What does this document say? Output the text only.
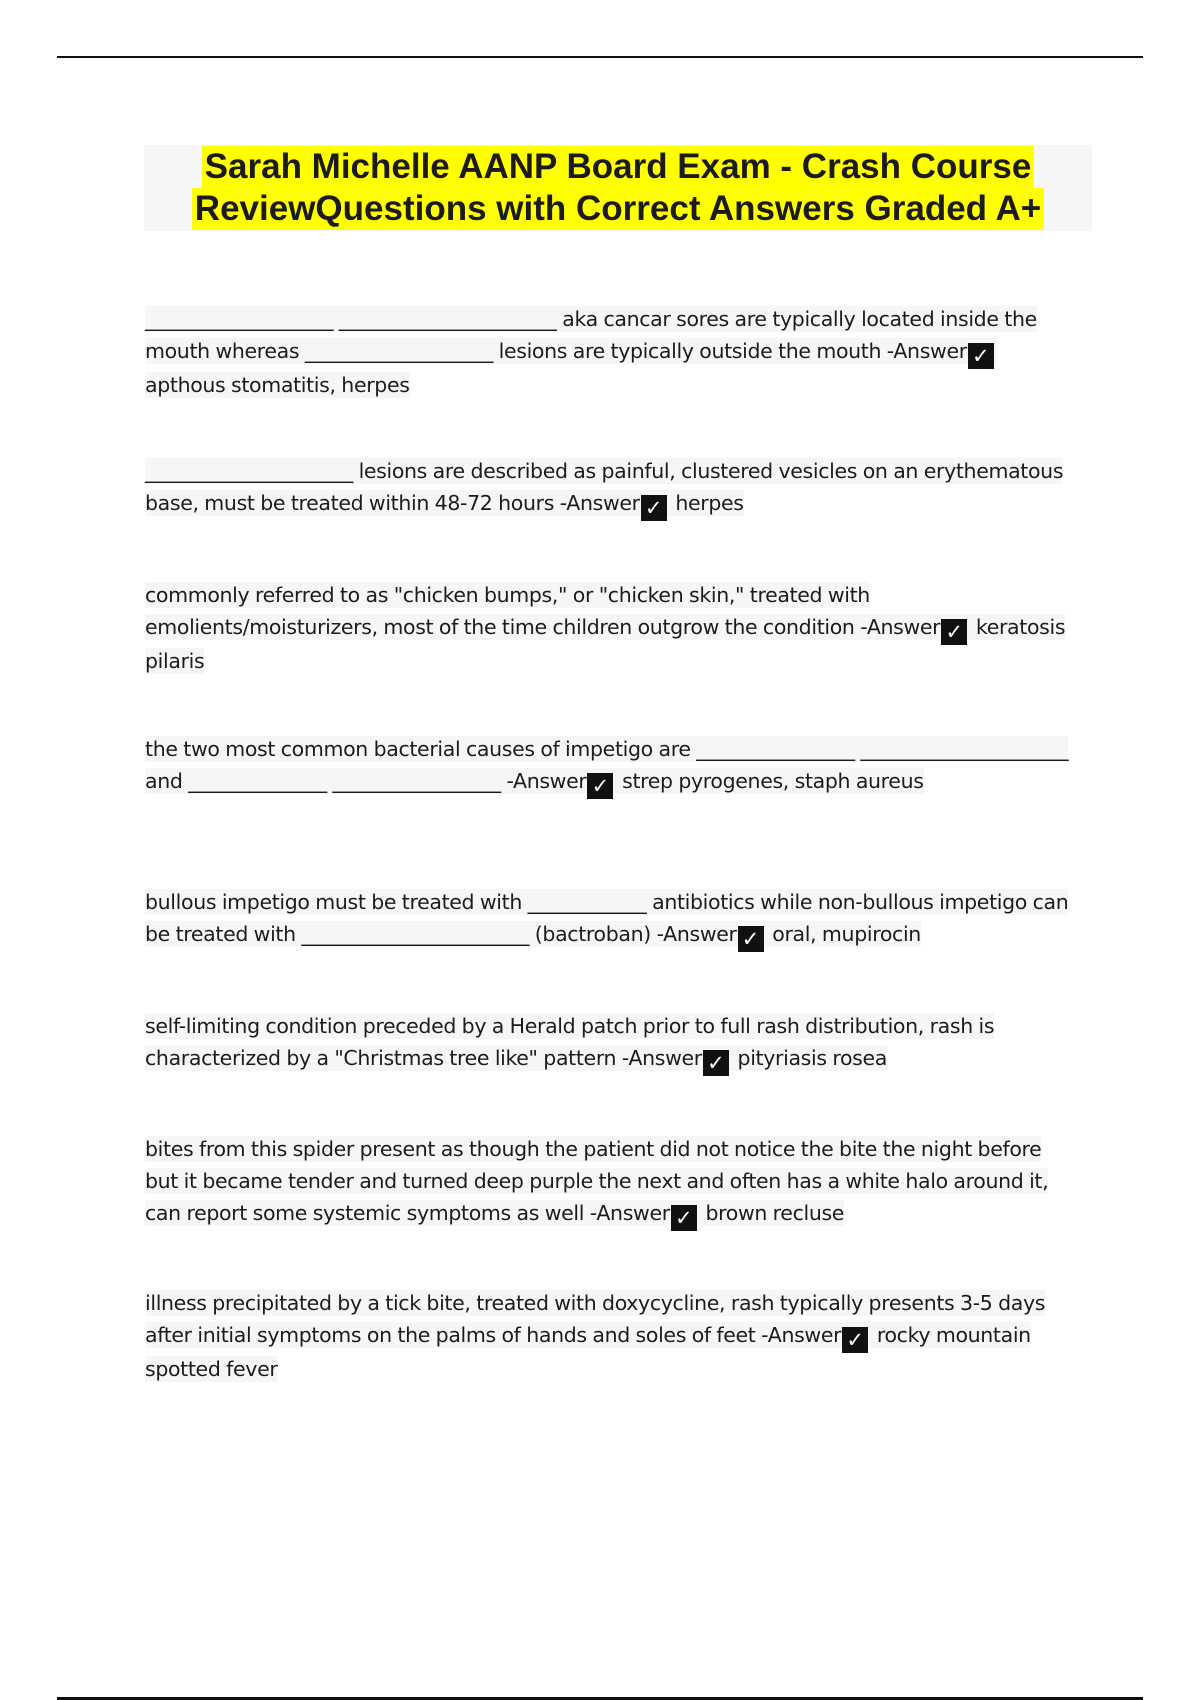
Sarah Michelle AANP Board Exam - Crash Course
ReviewQuestions with Correct Answers Graded A+

___________________ ______________________ aka cancar sores are typically located inside the mouth whereas ___________________ lesions are typically outside the mouth -Answer ✓ apthous stomatitis, herpes

_____________________ lesions are described as painful, clustered vesicles on an erythematous base, must be treated within 48-72 hours -Answer ✓ herpes

commonly referred to as "chicken bumps," or "chicken skin," treated with emolients/moisturizers, most of the time children outgrow the condition -Answer ✓ keratosis pilaris

the two most common bacterial causes of impetigo are ________________ _____________________ and ______________ _________________ -Answer ✓ strep pyrogenes, staph aureus

bullous impetigo must be treated with ____________ antibiotics while non-bullous impetigo can be treated with _______________________ (bactroban) -Answer ✓ oral, mupirocin

self-limiting condition preceded by a Herald patch prior to full rash distribution, rash is characterized by a "Christmas tree like" pattern -Answer ✓ pityriasis rosea

bites from this spider present as though the patient did not notice the bite the night before but it became tender and turned deep purple the next and often has a white halo around it, can report some systemic symptoms as well -Answer ✓ brown recluse

illness precipitated by a tick bite, treated with doxycycline, rash typically presents 3-5 days after initial symptoms on the palms of hands and soles of feet -Answer ✓ rocky mountain spotted fever
